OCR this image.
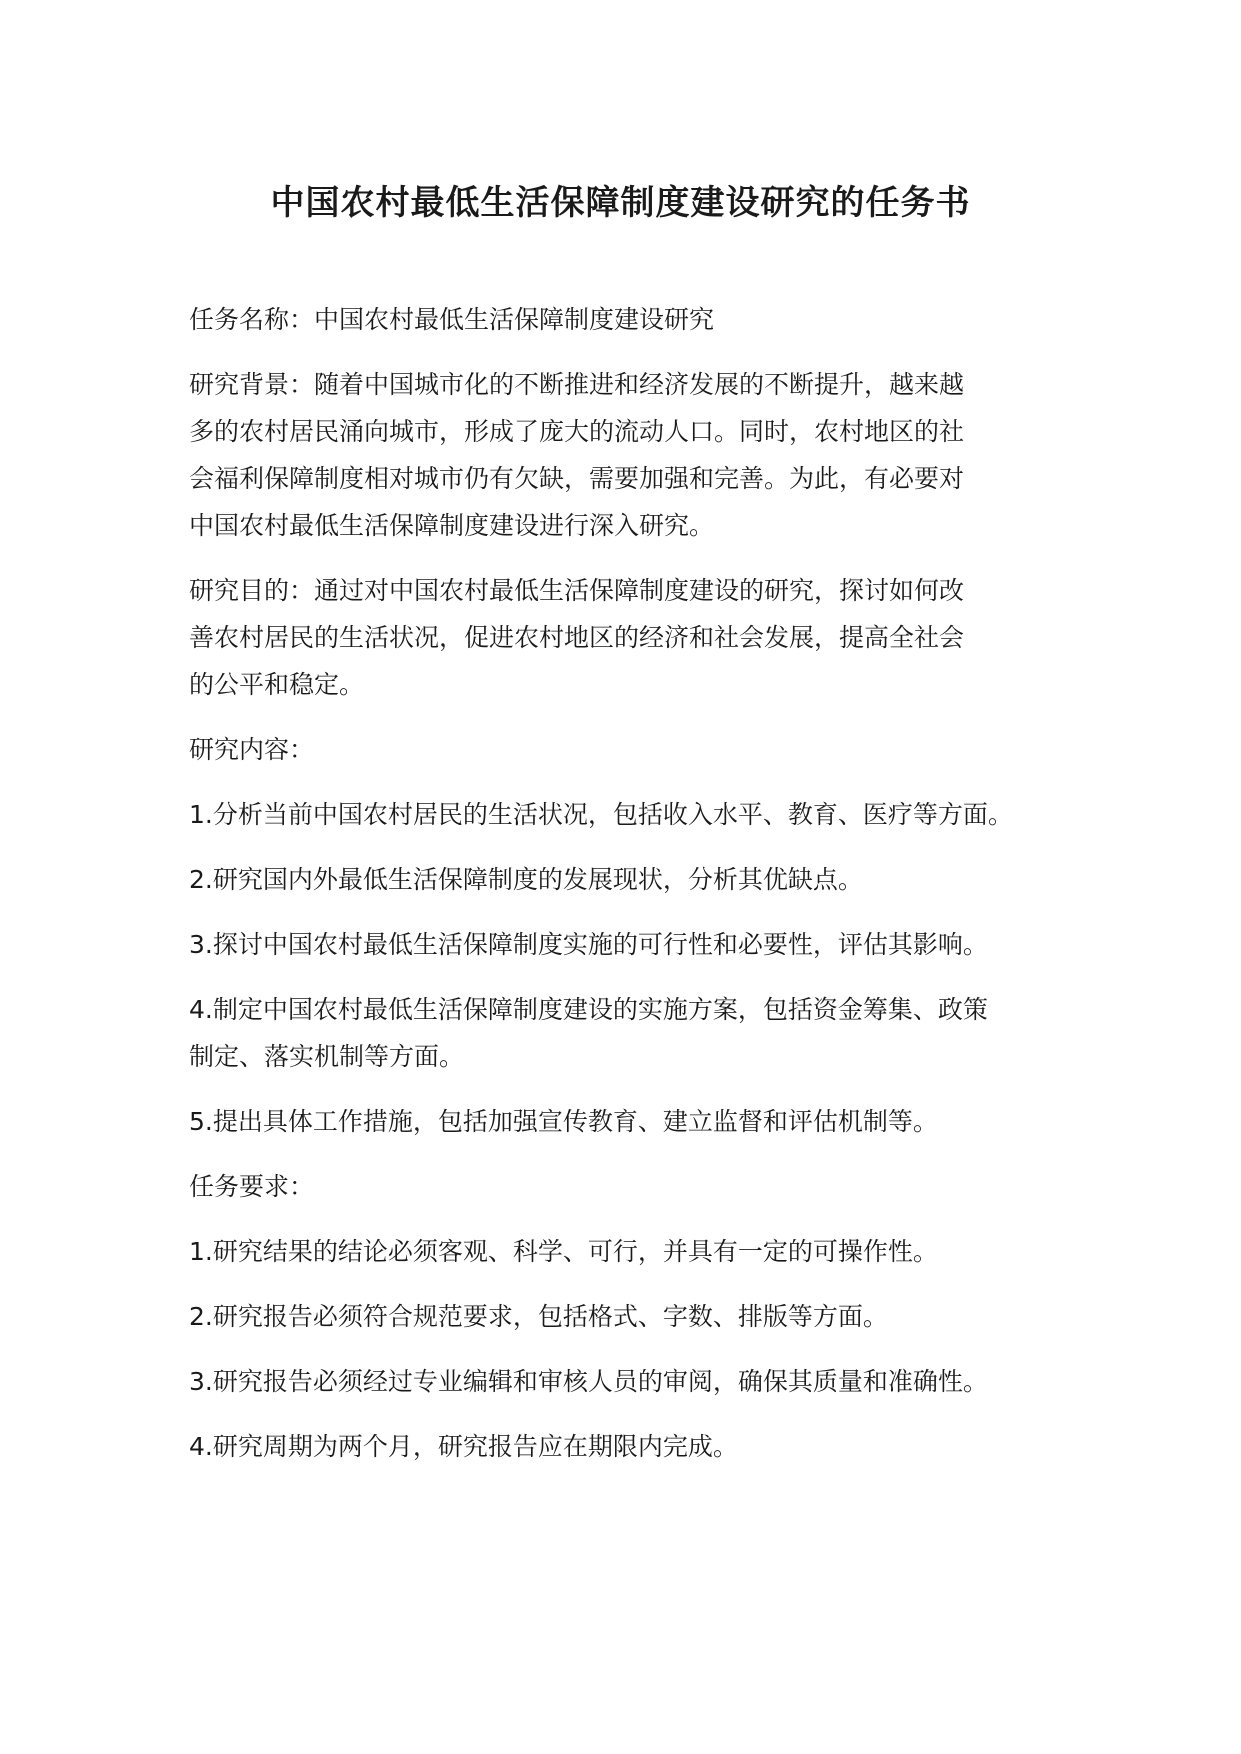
中国农村最低生活保障制度建设研究的任务书

任务名称：中国农村最低生活保障制度建设研究

研究背景：随着中国城市化的不断推进和经济发展的不断提升，越来越
多的农村居民涌向城市，形成了庞大的流动人口。同时，农村地区的社
会福利保障制度相对城市仍有欠缺，需要加强和完善。为此，有必要对
中国农村最低生活保障制度建设进行深入研究。

研究目的：通过对中国农村最低生活保障制度建设的研究，探讨如何改
善农村居民的生活状况，促进农村地区的经济和社会发展，提高全社会
的公平和稳定。

研究内容：

1.分析当前中国农村居民的生活状况，包括收入水平、教育、医疗等方面。

2.研究国内外最低生活保障制度的发展现状，分析其优缺点。

3.探讨中国农村最低生活保障制度实施的可行性和必要性，评估其影响。

4.制定中国农村最低生活保障制度建设的实施方案，包括资金筹集、政策
制定、落实机制等方面。

5.提出具体工作措施，包括加强宣传教育、建立监督和评估机制等。

任务要求：

1.研究结果的结论必须客观、科学、可行，并具有一定的可操作性。

2.研究报告必须符合规范要求，包括格式、字数、排版等方面。

3.研究报告必须经过专业编辑和审核人员的审阅，确保其质量和准确性。

4.研究周期为两个月，研究报告应在期限内完成。
